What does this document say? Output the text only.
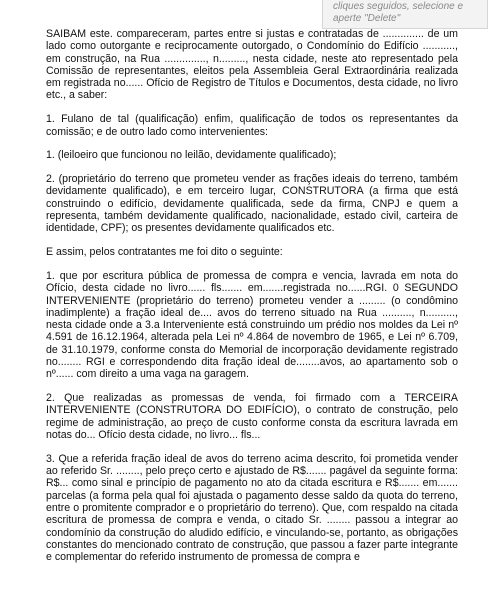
cliques seguidos, selecione e aperte "Delete"

SAIBAM este. compareceram, partes entre si justas e contratadas de .............. de um lado como outorgante e reciprocamente outorgado, o Condomínio do Edifício ..........., em construção, na Rua .............., n........., nesta cidade, neste ato representado pela Comissão de representantes, eleitos pela Assembleia Geral Extraordinária realizada em registrada no...... Ofício de Registro de Títulos e Documentos, desta cidade, no livro etc., a saber:

1. Fulano de tal (qualificação) enfim, qualificação de todos os representantes da comissão; e de outro lado como intervenientes:

1. (leiloeiro que funcionou no leilão, devidamente qualificado);

2. (proprietário do terreno que prometeu vender as frações ideais do terreno, também devidamente qualificado), e em terceiro lugar, CONSTRUTORA (a firma que está construindo o edifício, devidamente qualificada, sede da firma, CNPJ e quem a representa, também devidamente qualificado, nacionalidade, estado civil, carteira de identidade, CPF); os presentes devidamente qualificados etc.

E assim, pelos contratantes me foi dito o seguinte:

1. que por escritura pública de promessa de compra e vencia, lavrada em nota do Ofício, desta cidade no livro...... fls....... em.......registrada no......RGI. 0 SEGUNDO INTERVENIENTE (proprietário do terreno) prometeu vender a ......... (o condômino inadimplente) a fração ideal de.... avos do terreno situado na Rua .........., n.........., nesta cidade onde a 3.a Interveniente está construindo um prédio nos moldes da Lei nº 4.591 de 16.12.1964, alterada pela Lei nº 4.864 de novembro de 1965, e Lei nº 6.709, de 31.10.1979, conforme consta do Memorial de incorporação devidamente registrado no........ RGI e correspondendo dita fração ideal de........avos, ao apartamento sob o nº...... com direito a uma vaga na garagem.

2. Que realizadas as promessas de venda, foi firmado com a TERCEIRA INTERVENIENTE (CONSTRUTORA DO EDIFÍCIO), o contrato de construção, pelo regime de administração, ao preço de custo conforme consta da escritura lavrada em notas do... Ofício desta cidade, no livro... fls...

3. Que a referida fração ideal de avos do terreno acima descrito, foi prometida vender ao referido Sr. ........, pelo preço certo e ajustado de R$....... pagável da seguinte forma: R$... como sinal e princípio de pagamento no ato da citada escritura e R$....... em....... parcelas (a forma pela qual foi ajustada o pagamento desse saldo da quota do terreno, entre o promitente comprador e o proprietário do terreno). Que, com respaldo na citada escritura de promessa de compra e venda, o citado Sr. ........ passou a integrar ao condomínio da construção do aludido edifício, e vinculando-se, portanto, as obrigações constantes do mencionado contrato de construção, que passou a fazer parte integrante e complementar do referido instrumento de promessa de compra e
